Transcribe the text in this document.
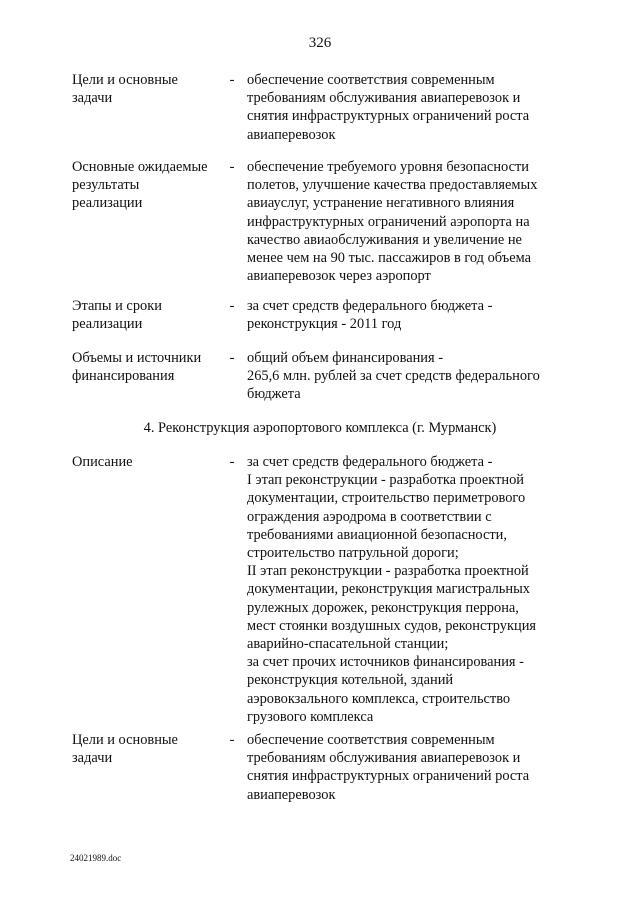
326
Цели и основные
задачи
- обеспечение соответствия современным
требованиям обслуживания авиаперевозок и
снятия инфраструктурных ограничений роста
авиаперевозок
Основные ожидаемые
результаты
реализации
- обеспечение требуемого уровня безопасности
полетов, улучшение качества предоставляемых
авиауслуг, устранение негативного влияния
инфраструктурных ограничений аэропорта на
качество авиаобслуживания и увеличение не
менее чем на 90 тыс. пассажиров в год объема
авиаперевозок через аэропорт
Этапы и сроки
реализации
- за счет средств федерального бюджета -
реконструкция - 2011 год
Объемы и источники
финансирования
- общий объем финансирования -
265,6 млн. рублей за счет средств федерального
бюджета
4. Реконструкция аэропортового комплекса (г. Мурманск)
Описание	- за счет средств федерального бюджета -
I этап реконструкции - разработка проектной
документации, строительство периметрового
ограждения аэродрома в соответствии с
требованиями авиационной безопасности,
строительство патрульной дороги;
II этап реконструкции - разработка проектной
документации, реконструкция магистральных
рулежных дорожек, реконструкция перрона,
мест стоянки воздушных судов, реконструкция
аварийно-спасательной станции;
за счет прочих источников финансирования -
реконструкция котельной, зданий
аэровокзального комплекса, строительство
грузового комплекса
Цели и основные
задачи
- обеспечение соответствия современным
требованиям обслуживания авиаперевозок и
снятия инфраструктурных ограничений роста
авиаперевозок
24021989.doc
